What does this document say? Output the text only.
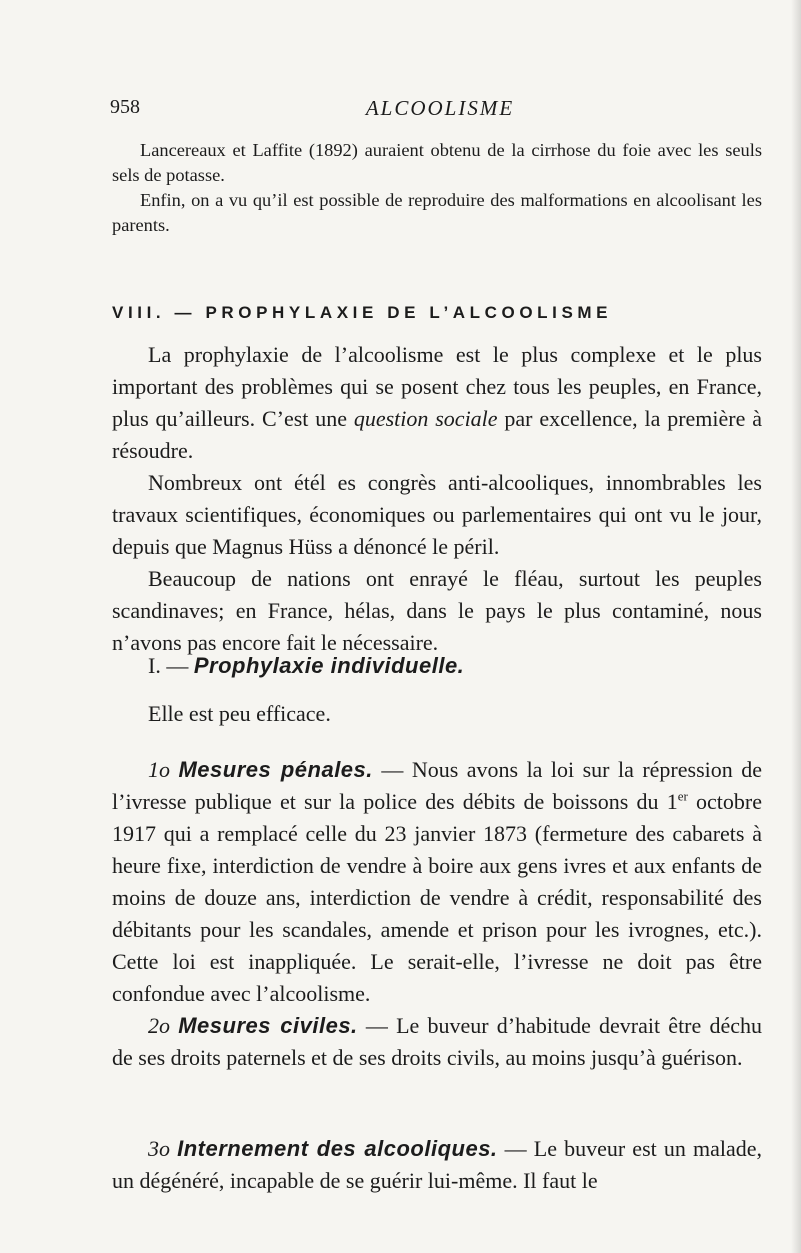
958	ALCOOLISME

Lancereaux et Laffite (1892) auraient obtenu de la cirrhose du foie avec les seuls sels de potasse.

Enfin, on a vu qu’il est possible de reproduire des malformations en alcoolisant les parents.

VIII. — PROPHYLAXIE DE L’ALCOOLISME

La prophylaxie de l’alcoolisme est le plus complexe et le plus important des problèmes qui se posent chez tous les peuples, en France, plus qu’ailleurs. C’est une question sociale par excellence, la première à résoudre.

Nombreux ont étél es congrès anti-alcooliques, innombrables les travaux scientifiques, économiques ou parlementaires qui ont vu le jour, depuis que Magnus Hüss a dénoncé le péril.

Beaucoup de nations ont enrayé le fléau, surtout les peuples scandinaves; en France, hélas, dans le pays le plus contaminé, nous n’avons pas encore fait le nécessaire.

I. — Prophylaxie individuelle.

Elle est peu efficace.

1o Mesures pénales. — Nous avons la loi sur la répression de l’ivresse publique et sur la police des débits de boissons du 1er octobre 1917 qui a remplacé celle du 23 janvier 1873 (fermeture des cabarets à heure fixe, interdiction de vendre à boire aux gens ivres et aux enfants de moins de douze ans, interdiction de vendre à crédit, responsabilité des débitants pour les scandales, amende et prison pour les ivrognes, etc.). Cette loi est inappliquée. Le serait-elle, l’ivresse ne doit pas être confondue avec l’alcoolisme.

2o Mesures civiles. — Le buveur d’habitude devrait être déchu de ses droits paternels et de ses droits civils, au moins jusqu’à guérison.

3o Internement des alcooliques. — Le buveur est un malade, un dégénéré, incapable de se guérir lui-même. Il faut le
